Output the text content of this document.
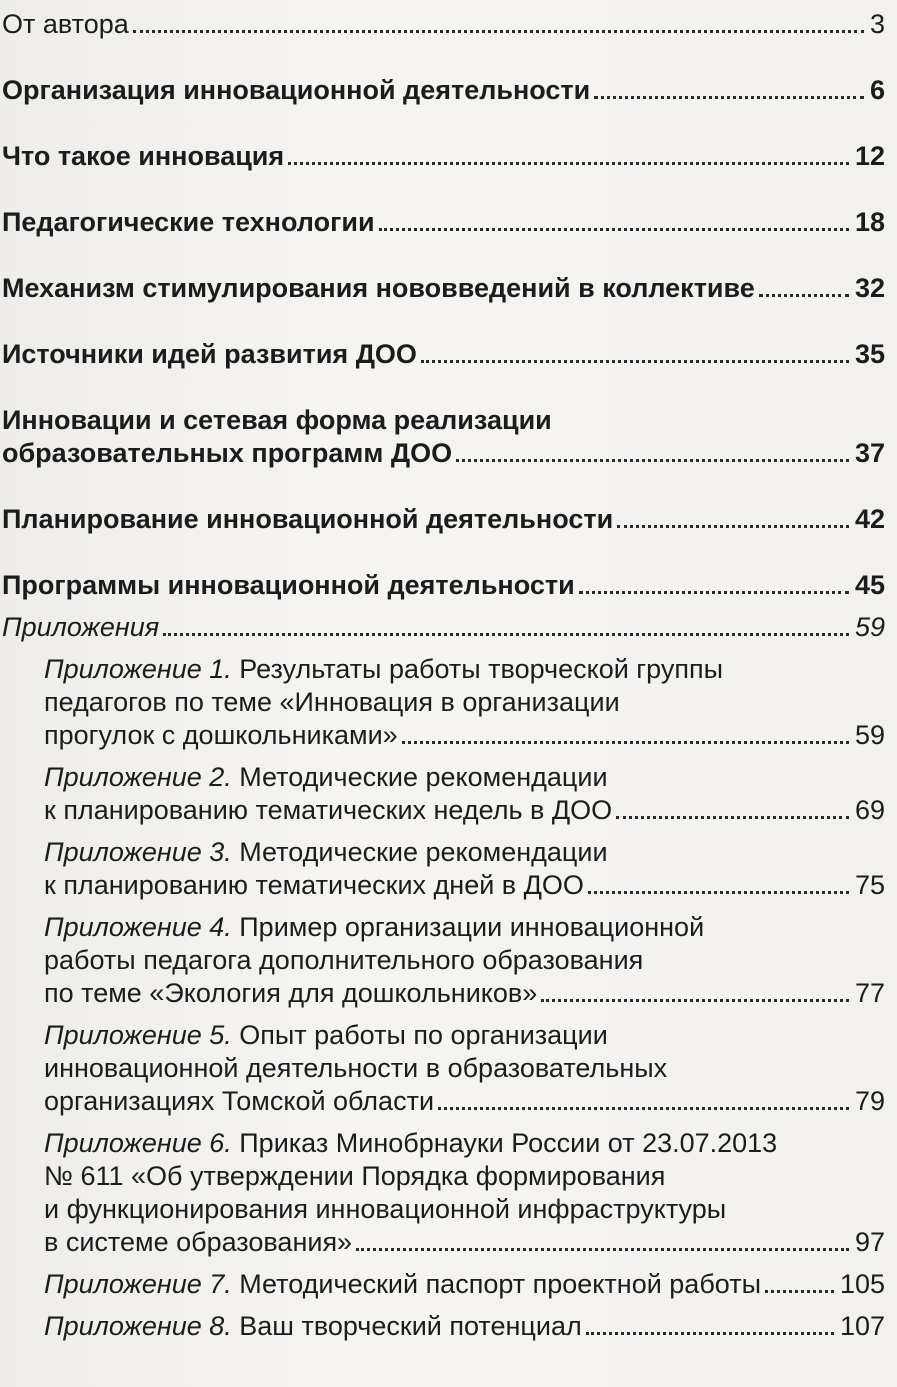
От автора	3
Организация инновационной деятельности	6
Что такое инновация	12
Педагогические технологии	18
Механизм стимулирования нововведений в коллективе	32
Источники идей развития ДОО	35
Инновации и сетевая форма реализации
образовательных программ ДОО	37
Планирование инновационной деятельности	42
Программы инновационной деятельности	45
Приложения	59
Приложение 1. Результаты работы творческой группы
педагогов по теме «Инновация в организации
прогулок с дошкольниками»	59
Приложение 2. Методические рекомендации
к планированию тематических недель в ДОО	69
Приложение 3. Методические рекомендации
к планированию тематических дней в ДОО	75
Приложение 4. Пример организации инновационной
работы педагога дополнительного образования
по теме «Экология для дошкольников»	77
Приложение 5. Опыт работы по организации
инновационной деятельности в образовательных
организациях Томской области	79
Приложение 6. Приказ Минобрнауки России от 23.07.2013
№ 611 «Об утверждении Порядка формирования
и функционирования инновационной инфраструктуры
в системе образования»	97
Приложение 7. Методический паспорт проектной работы	105
Приложение 8. Ваш творческий потенциал	107
